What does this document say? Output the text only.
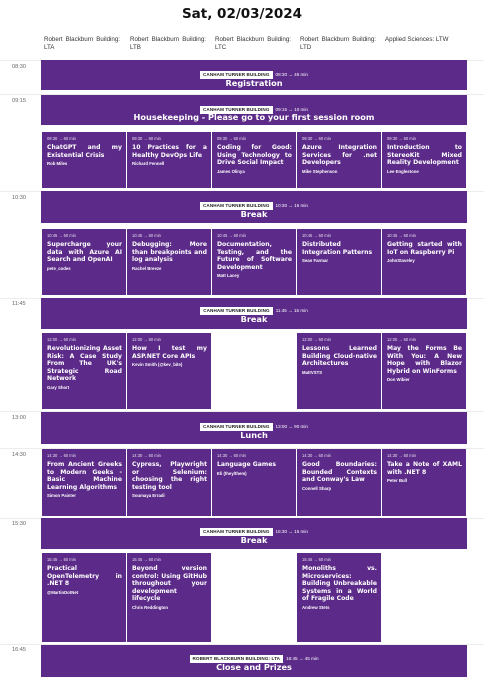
Sat, 02/03/2024
Robert Blackburn Building: LTA
Robert Blackburn Building: LTB
Robert Blackburn Building: LTC
Robert Blackburn Building: LTD
Applied Sciences: LTW
08:30
09:15
10:30
11:45
13:00
14:30
15:30
16:45
CANHAM TURNER BUILDING 08:30 → 45 min
Registration
CANHAM TURNER BUILDING 09:15 → 10 min
Housekeeping - Please go to your first session room
09:30 → 60 min
ChatGPT and my Existential Crisis
Rob Miles
09:30 → 60 min
10 Practices for a Healthy DevOps Life
Richard Fennell
09:30 → 60 min
Coding for Good: Using Technology to Drive Social Impact
James Olinya
09:30 → 60 min
Azure Integration Services for .net Developers
Mike Stephenson
09:30 → 60 min
Introduction to StereoKit Mixed Reality Development
Lee Englestone
CANHAM TURNER BUILDING 10:30 → 15 min
Break
10:45 → 60 min
Supercharge your data with Azure AI Search and OpenAI
pete_codes
10:45 → 60 min
Debugging: More than breakpoints and log analysis
Rachel Breeze
10:45 → 60 min
Documentation, Testing, and the Future of Software Development
Matt Lacey
10:45 → 60 min
Distributed Integration Patterns
Sean Farmar
10:45 → 60 min
Getting started with IoT on Raspberry Pi
JohnStaveley
CANHAM TURNER BUILDING 11:45 → 15 min
Break
12:00 → 60 min
Revolutionizing Asset Risk: A Case Study From The UK's Strategic Road Network
Gary Short
12:00 → 60 min
How I test my ASP.NET Core APIs
Kevin Smith (@kev_bite)
12:00 → 60 min
Lessons Learned Building Cloud-native Architectures
MattVSTS
12:00 → 60 min
May the Forms Be With You: A New Hope with Blazor Hybrid on WinForms
Don Wibier
CANHAM TURNER BUILDING 13:00 → 90 min
Lunch
14:30 → 60 min
From Ancient Greeks to Modern Geeks - Basic Machine Learning Algorithms
Simon Painter
14:30 → 60 min
Cypress, Playwright or Selenium: choosing the right testing tool
Soumaya Erradi
14:30 → 60 min
Language Games
Eli (they/them)
14:30 → 60 min
Good Boundaries: Bounded Contexts and Conway's Law
Connell Sharp
14:30 → 60 min
Take a Note of XAML with .NET 8
Peter Bull
CANHAM TURNER BUILDING 15:30 → 15 min
Break
15:45 → 60 min
Practical OpenTelemetry in .NET 8
@MartinDotNet
15:45 → 60 min
Beyond version control: Using GitHub throughout your development lifecycle
Chris Reddington
15:45 → 60 min
Monoliths vs. Microservices: Building Unbreakable Systems in a World of Fragile Code
Andrew Stets
ROBERT BLACKBURN BUILDING: LTA 16:45 → 45 min
Close and Prizes
